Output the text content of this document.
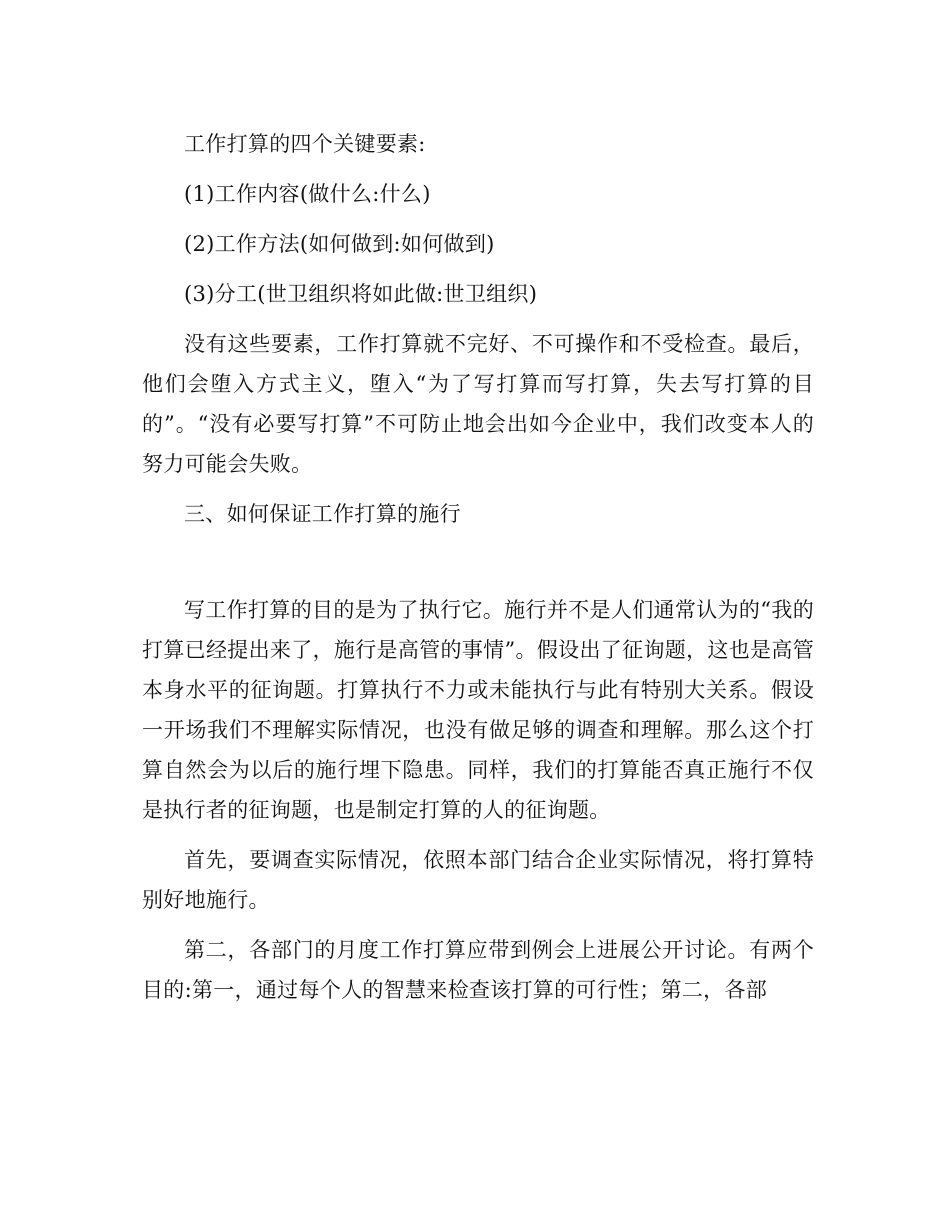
工作打算的四个关键要素:

(1)工作内容(做什么:什么)

(2)工作方法(如何做到:如何做到)

(3)分工(世卫组织将如此做:世卫组织)

没有这些要素，工作打算就不完好、不可操作和不受检查。最后，他们会堕入方式主义，堕入“为了写打算而写打算，失去写打算的目的”。“没有必要写打算”不可防止地会出如今企业中，我们改变本人的努力可能会失败。

三、如何保证工作打算的施行

写工作打算的目的是为了执行它。施行并不是人们通常认为的“我的打算已经提出来了，施行是高管的事情”。假设出了征询题，这也是高管本身水平的征询题。打算执行不力或未能执行与此有特别大关系。假设一开场我们不理解实际情况，也没有做足够的调查和理解。那么这个打算自然会为以后的施行埋下隐患。同样，我们的打算能否真正施行不仅是执行者的征询题，也是制定打算的人的征询题。

首先，要调查实际情况，依照本部门结合企业实际情况，将打算特别好地施行。

第二，各部门的月度工作打算应带到例会上进展公开讨论。有两个目的:第一，通过每个人的智慧来检查该打算的可行性；第二，各部
